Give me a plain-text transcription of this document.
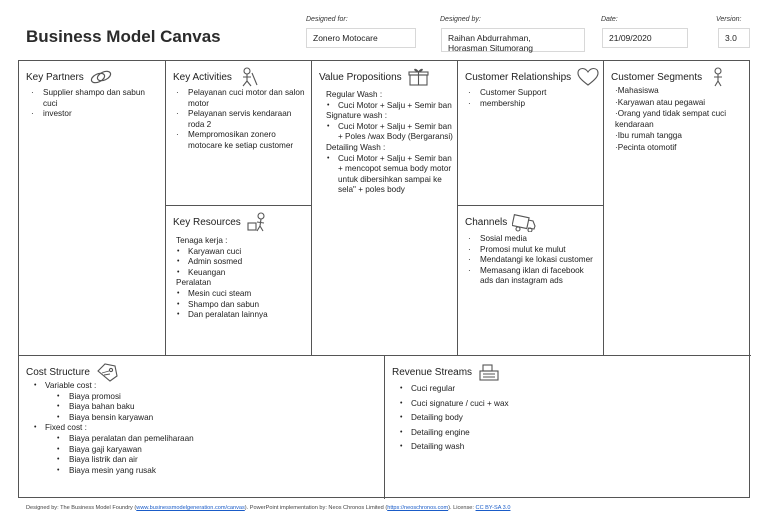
Business Model Canvas
Designed for:
Zonero Motocare
Designed by:
Raihan Abdurrahman,
Horasman Situmorang
Date:
21/09/2020
Version:
3.0
Key Partners
· Supplier shampo dan sabun cuci
· investor
Key Activities
· Pelayanan cuci motor dan salon motor
· Pelayanan servis kendaraan roda 2
· Mempromosikan zonero motocare ke setiap customer
Key Resources
Tenaga kerja :
• Karyawan cuci
• Admin sosmed
• Keuangan
Peralatan
• Mesin cuci steam
• Shampo dan sabun
• Dan peralatan lainnya
Value Propositions
Regular Wash :
• Cuci Motor + Salju + Semir ban
Signature wash :
• Cuci Motor + Salju + Semir ban + Poles /wax Body (Bergaransi)
Detailing Wash :
• Cuci Motor + Salju + Semir ban + mencopot semua body motor untuk dibersihkan sampai ke sela" + poles body
Customer Relationships
· Customer Support
· membership
Channels
· Sosial media
· Promosi mulut ke mulut
· Mendatangi ke lokasi customer
· Memasang iklan di facebook ads dan instagram ads
Customer Segments
·Mahasiswa
·Karyawan atau pegawai
·Orang yand tidak sempat cuci kendaraan
·Ibu rumah tangga
·Pecinta otomotif
Cost Structure
• Variable cost :
• Biaya promosi
• Biaya bahan baku
• Biaya bensin karyawan
• Fixed cost :
• Biaya peralatan dan pemeliharaan
• Biaya gaji karyawan
• Biaya listrik dan air
• Biaya mesin yang rusak
Revenue Streams
• Cuci regular
• Cuci signature / cuci + wax
• Detailing body
• Detailing engine
• Detailing wash
Designed by: The Business Model Foundry (www.businessmodelgeneration.com/canvas). PowerPoint implementation by: Neos Chronos Limited (https://neoschronos.com). License: CC BY-SA 3.0
